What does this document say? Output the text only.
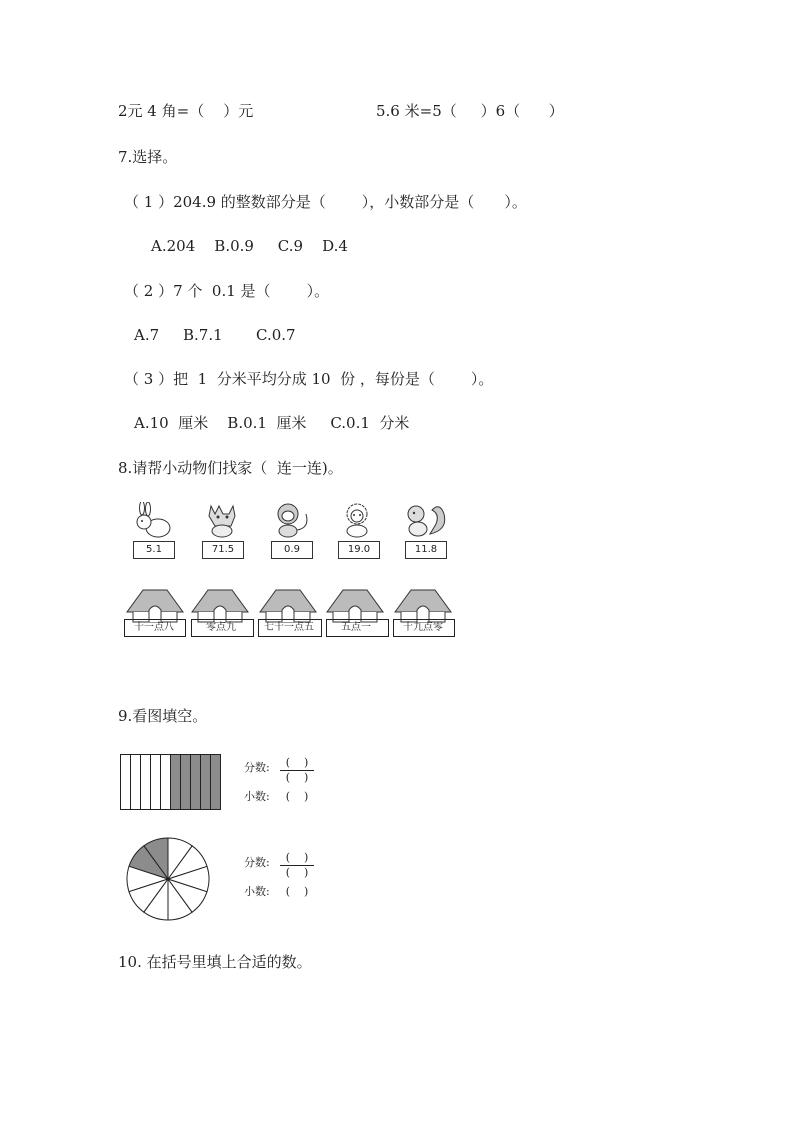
2元 4 角=（    ）元	5.6 米=5（     ）6（      ）
7.选择。
（ 1 ）204.9 的整数部分是（ ），小数部分是（ ）。
A.204    B.0.9     C.9    D.4
（ 2 ）7 个  0.1 是（ ）。
A.7     B.7.1       C.0.7
（ 3 ）把  1  分米平均分成 10  份 ，每份是（ ）。
A.10  厘米    B.0.1  厘米     C.0.1  分米
8.请帮小动物们找家（  连一连)。
5.1	71.5	0.9	19.0	11.8
十一点八	零点九	七十一点五	五点一	十九点零
9.看图填空。
分数:	(    )
(    )
小数:	(    )
分数:	(    )
(    )
小数:	(    )
10. 在括号里填上合适的数。
